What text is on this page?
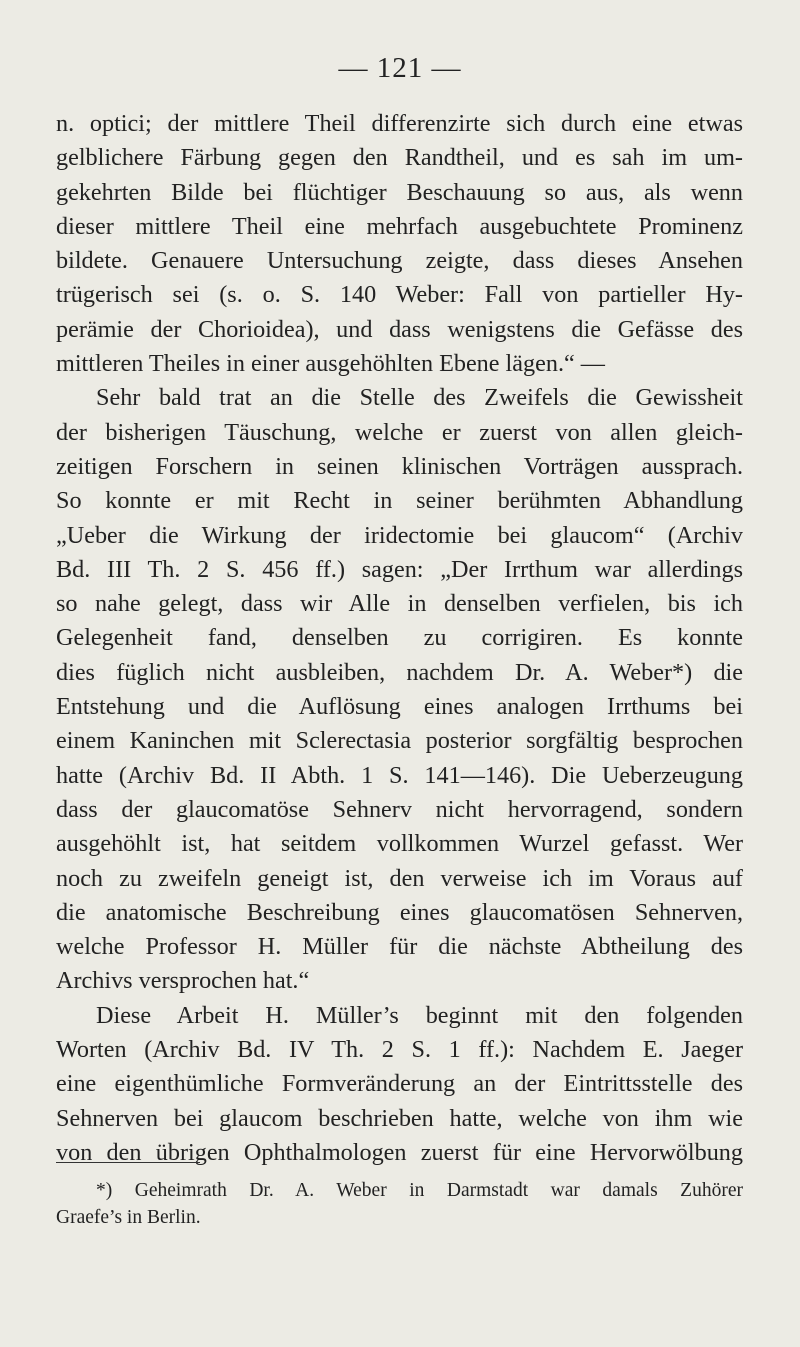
— 121 —
n. optici; der mittlere Theil differenzirte sich durch eine etwas
gelblichere Färbung gegen den Randtheil, und es sah im um-
gekehrten Bilde bei flüchtiger Beschauung so aus, als wenn
dieser mittlere Theil eine mehrfach ausgebuchtete Prominenz
bildete. Genauere Untersuchung zeigte, dass dieses Ansehen
trügerisch sei (s. o. S. 140 Weber: Fall von partieller Hy-
perämie der Chorioidea), und dass wenigstens die Gefässe des
mittleren Theiles in einer ausgehöhlten Ebene lägen.“ —
Sehr bald trat an die Stelle des Zweifels die Gewissheit
der bisherigen Täuschung, welche er zuerst von allen gleich-
zeitigen Forschern in seinen klinischen Vorträgen aussprach.
So konnte er mit Recht in seiner berühmten Abhandlung
„Ueber die Wirkung der iridectomie bei glaucom“ (Archiv
Bd. III Th. 2 S. 456 ff.) sagen: „Der Irrthum war allerdings
so nahe gelegt, dass wir Alle in denselben verfielen, bis ich
Gelegenheit fand, denselben zu corrigiren. Es konnte
dies füglich nicht ausbleiben, nachdem Dr. A. Weber*) die
Entstehung und die Auflösung eines analogen Irrthums bei
einem Kaninchen mit Sclerectasia posterior sorgfältig besprochen
hatte (Archiv Bd. II Abth. 1 S. 141—146). Die Ueberzeugung
dass der glaucomatöse Sehnerv nicht hervorragend, sondern
ausgehöhlt ist, hat seitdem vollkommen Wurzel gefasst. Wer
noch zu zweifeln geneigt ist, den verweise ich im Voraus auf
die anatomische Beschreibung eines glaucomatösen Sehnerven,
welche Professor H. Müller für die nächste Abtheilung des
Archivs versprochen hat.“
Diese Arbeit H. Müller’s beginnt mit den folgenden
Worten (Archiv Bd. IV Th. 2 S. 1 ff.): Nachdem E. Jaeger
eine eigenthümliche Formveränderung an der Eintrittsstelle des
Sehnerven bei glaucom beschrieben hatte, welche von ihm wie
von den übrigen Ophthalmologen zuerst für eine Hervorwölbung
*) Geheimrath Dr. A. Weber in Darmstadt war damals Zuhörer
Graefe’s in Berlin.
